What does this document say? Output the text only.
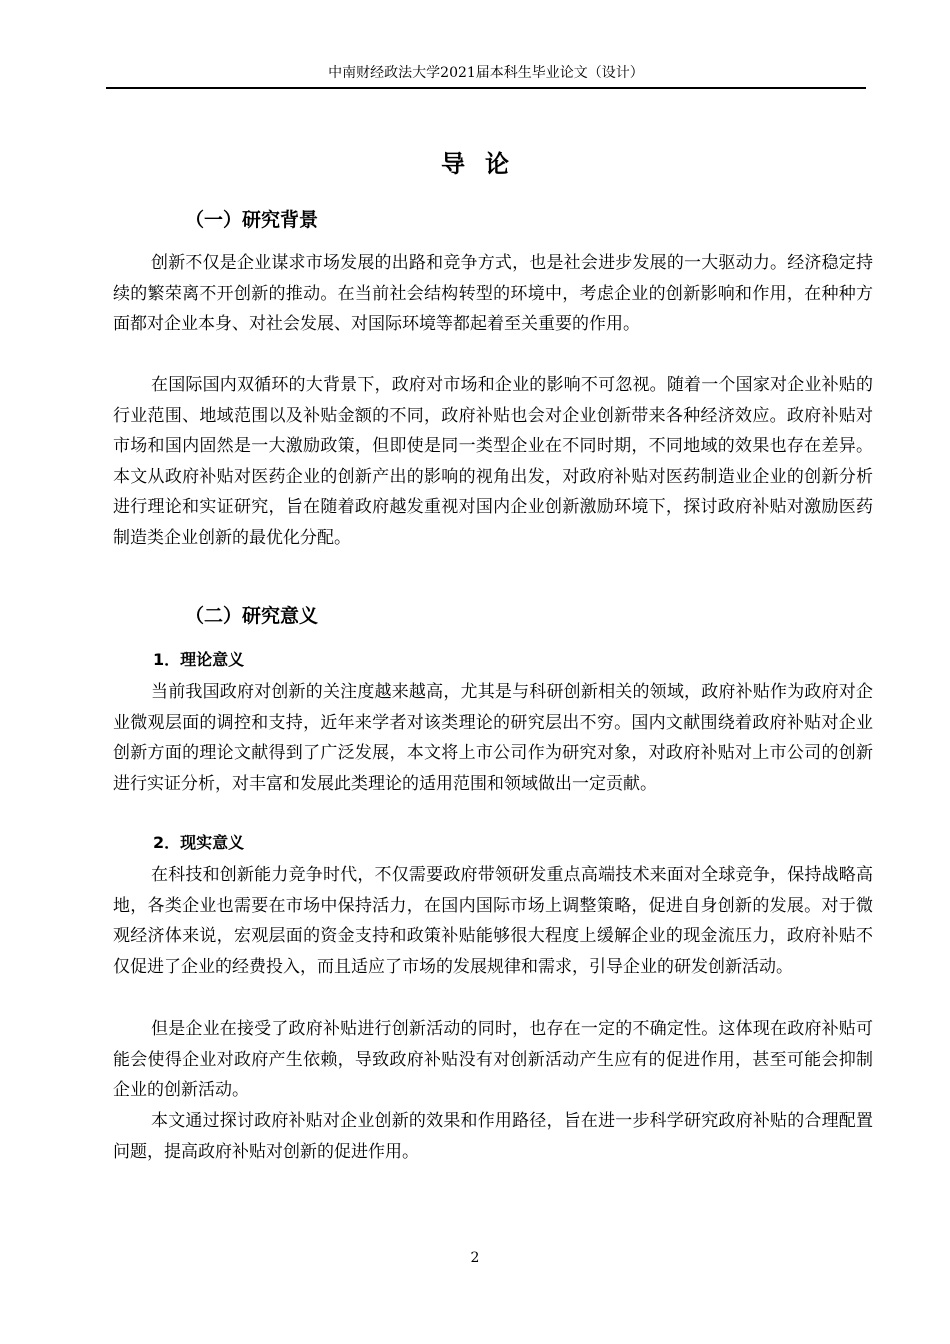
中南财经政法大学2021届本科生毕业论文（设计）
导论
（一）研究背景

创新不仅是企业谋求市场发展的出路和竞争方式，也是社会进步发展的一大驱动力。经济稳定持续的繁荣离不开创新的推动。在当前社会结构转型的环境中，考虑企业的创新影响和作用，在种种方面都对企业本身、对社会发展、对国际环境等都起着至关重要的作用。

在国际国内双循环的大背景下，政府对市场和企业的影响不可忽视。随着一个国家对企业补贴的行业范围、地域范围以及补贴金额的不同，政府补贴也会对企业创新带来各种经济效应。政府补贴对市场和国内固然是一大激励政策，但即使是同一类型企业在不同时期，不同地域的效果也存在差异。本文从政府补贴对医药企业的创新产出的影响的视角出发，对政府补贴对医药制造业企业的创新分析进行理论和实证研究，旨在随着政府越发重视对国内企业创新激励环境下，探讨政府补贴对激励医药制造类企业创新的最优化分配。

（二）研究意义
1．理论意义

当前我国政府对创新的关注度越来越高，尤其是与科研创新相关的领域，政府补贴作为政府对企业微观层面的调控和支持，近年来学者对该类理论的研究层出不穷。国内文献围绕着政府补贴对企业创新方面的理论文献得到了广泛发展，本文将上市公司作为研究对象，对政府补贴对上市公司的创新进行实证分析，对丰富和发展此类理论的适用范围和领域做出一定贡献。

2．现实意义

在科技和创新能力竞争时代，不仅需要政府带领研发重点高端技术来面对全球竞争，保持战略高地，各类企业也需要在市场中保持活力，在国内国际市场上调整策略，促进自身创新的发展。对于微观经济体来说，宏观层面的资金支持和政策补贴能够很大程度上缓解企业的现金流压力，政府补贴不仅促进了企业的经费投入，而且适应了市场的发展规律和需求，引导企业的研发创新活动。

但是企业在接受了政府补贴进行创新活动的同时，也存在一定的不确定性。这体现在政府补贴可能会使得企业对政府产生依赖，导致政府补贴没有对创新活动产生应有的促进作用，甚至可能会抑制企业的创新活动。

本文通过探讨政府补贴对企业创新的效果和作用路径，旨在进一步科学研究政府补贴的合理配置问题，提高政府补贴对创新的促进作用。

2
